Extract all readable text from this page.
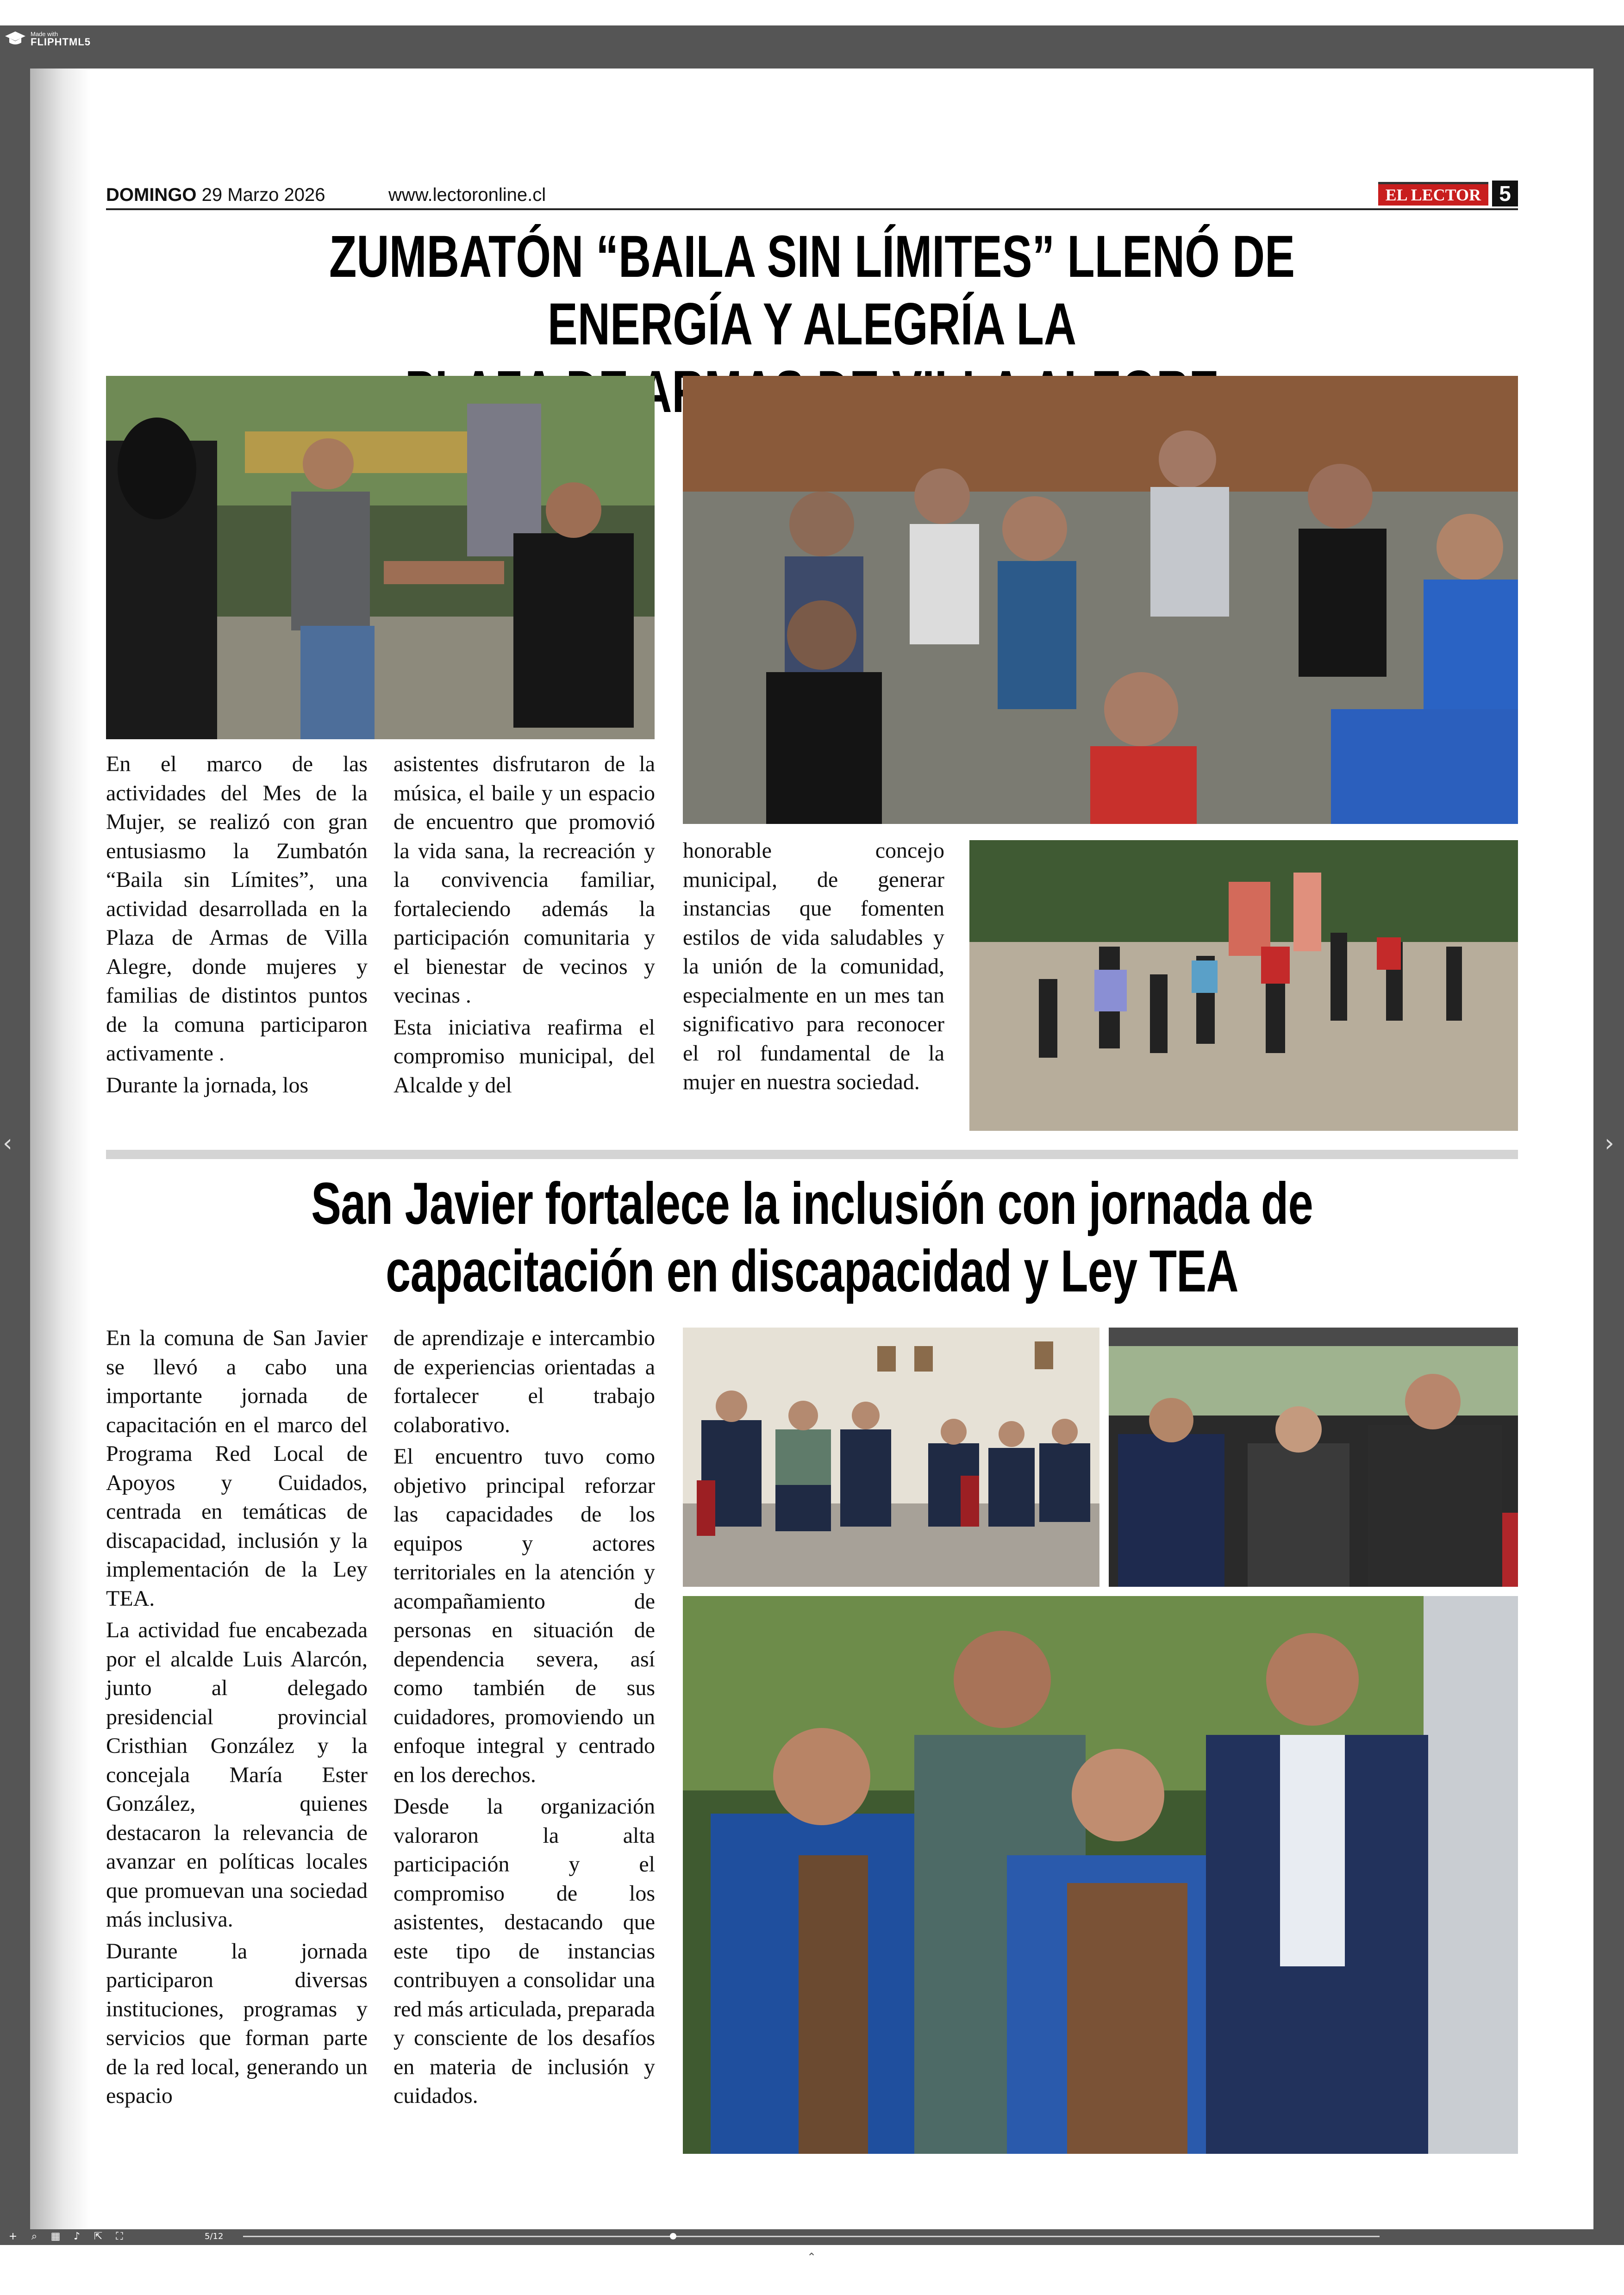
Made with
FLIPHTML5
‹	›
DOMINGO 29 Marzo 2026	www.lectoronline.cl	EL LECTOR 5
ZUMBATÓN “BAILA SIN LÍMITES” LLENÓ DE ENERGÍA Y ALEGRÍA LA

En el marco de las actividades del Mes de la Mujer, se realizó con gran entusiasmo la Zumbatón “Baila sin Límites”, una actividad desarrollada en la Plaza de Armas de Villa Alegre, donde mujeres y familias de distintos puntos de la comuna participaron activamente .

Durante la jornada, los

asistentes disfrutaron de la música, el baile y un espacio de encuentro que promovió la vida sana, la recreación y la convivencia familiar, fortaleciendo además la participación comunitaria y el bienestar de vecinos y vecinas .

Esta iniciativa reafirma el compromiso municipal, del Alcalde y del

honorable concejo municipal, de generar instancias que fomenten estilos de vida saludables y la unión de la comunidad, especialmente en un mes tan significativo para reconocer el rol fundamental de la mujer en nuestra sociedad.

San Javier fortalece la inclusión con jornada de
capacitación en discapacidad y Ley TEA

En la comuna de San Javier se llevó a cabo una importante jornada de capacitación en el marco del Programa Red Local de Apoyos y Cuidados, centrada en temáticas de discapacidad, inclusión y la implementación de la Ley TEA.

La actividad fue encabezada por el alcalde Luis Alarcón, junto al delegado presidencial provincial Cristhian González y la concejala María Ester González, quienes destacaron la relevancia de avanzar en políticas locales que promuevan una sociedad más inclusiva.

Durante la jornada participaron diversas instituciones, programas y servicios que forman parte de la red local, generando un espacio

de aprendizaje e intercambio de experiencias orientadas a fortalecer el trabajo colaborativo.

El encuentro tuvo como objetivo principal reforzar las capacidades de los equipos y actores territoriales en la atención y acompañamiento de personas en situación de dependencia severa, así como también de sus cuidadores, promoviendo un enfoque integral y centrado en los derechos.

Desde la organización valoraron la alta participación y el compromiso de los asistentes, destacando que este tipo de instancias contribuyen a consolidar una red más articulada, preparada y consciente de los desafíos en materia de inclusión y cuidados.

+	⌕	▦	♪	⇱	⛶	5/12
⌃
